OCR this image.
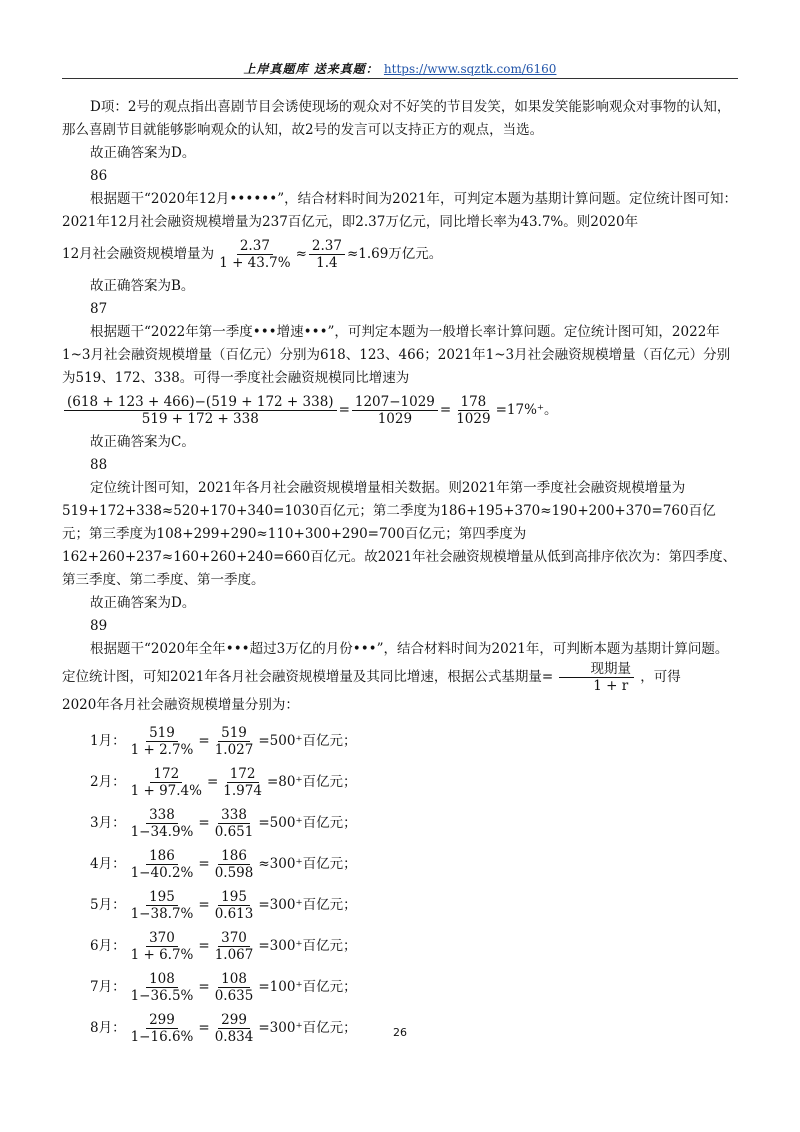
上岸真题库 送来真题： https://www.sqztk.com/6160

D项：2号的观点指出喜剧节目会诱使现场的观众对不好笑的节目发笑，如果发笑能影响观众对事物的认知，那么喜剧节目就能够影响观众的认知，故2号的发言可以支持正方的观点，当选。

故正确答案为D。

86

根据题干“2020年12月••••••”，结合材料时间为2021年，可判定本题为基期计算问题。定位统计图可知：2021年12月社会融资规模增量为237百亿元，即2.37万亿元，同比增长率为43.7%。则2020年

12月社会融资规模增量为 $\frac{2.37}{1 + 43.7\%} \approx \frac{2.37}{1.4} \approx 1.69$万亿元。

故正确答案为B。

87

根据题干“2022年第一季度•••增速•••”，可判定本题为一般增长率计算问题。定位统计图可知，2022年1~3月社会融资规模增量（百亿元）分别为618、123、466；2021年1~3月社会融资规模增量（百亿元）分别为519、172、338。可得一季度社会融资规模同比增速为

$\frac{(618 + 123 + 466)-(519 + 172 + 338)}{519 + 172 + 338} = \frac{1207-1029}{1029} = \frac{178}{1029} =17\%^+$。

故正确答案为C。

88

定位统计图可知，2021年各月社会融资规模增量相关数据。则2021年第一季度社会融资规模增量为519+172+338≈520+170+340=1030百亿元；第二季度为186+195+370≈190+200+370=760百亿元；第三季度为108+299+290≈110+300+290=700百亿元；第四季度为162+260+237≈160+260+240=660百亿元。故2021年社会融资规模增量从低到高排序依次为：第四季度、第三季度、第二季度、第一季度。

故正确答案为D。

89

根据题干“2020年全年•••超过3万亿的月份•••”，结合材料时间为2021年，可判断本题为基期计算问题。定位统计图，可知2021年各月社会融资规模增量及其同比增速，根据公式基期量= $\frac{\text{现期量}}{1 + r}$ ，可得

2020年各月社会融资规模增量分别为：

1月： $\frac{519}{1 + 2.7\%} = \frac{519}{1.027} = 500^+$百亿元；
2月： $\frac{172}{1 + 97.4\%} = \frac{172}{1.974} = 80^+$百亿元；
3月： $\frac{338}{1-34.9\%} = \frac{338}{0.651} = 500^+$百亿元；
4月： $\frac{186}{1-40.2\%} = \frac{186}{0.598} \approx 300^+$百亿元；
5月： $\frac{195}{1-38.7\%} = \frac{195}{0.613} = 300^+$百亿元；
6月： $\frac{370}{1 + 6.7\%} = \frac{370}{1.067} = 300^+$百亿元；
7月： $\frac{108}{1-36.5\%} = \frac{108}{0.635} = 100^+$百亿元；
8月： $\frac{299}{1-16.6\%} = \frac{299}{0.834} = 300^+$百亿元；	26
